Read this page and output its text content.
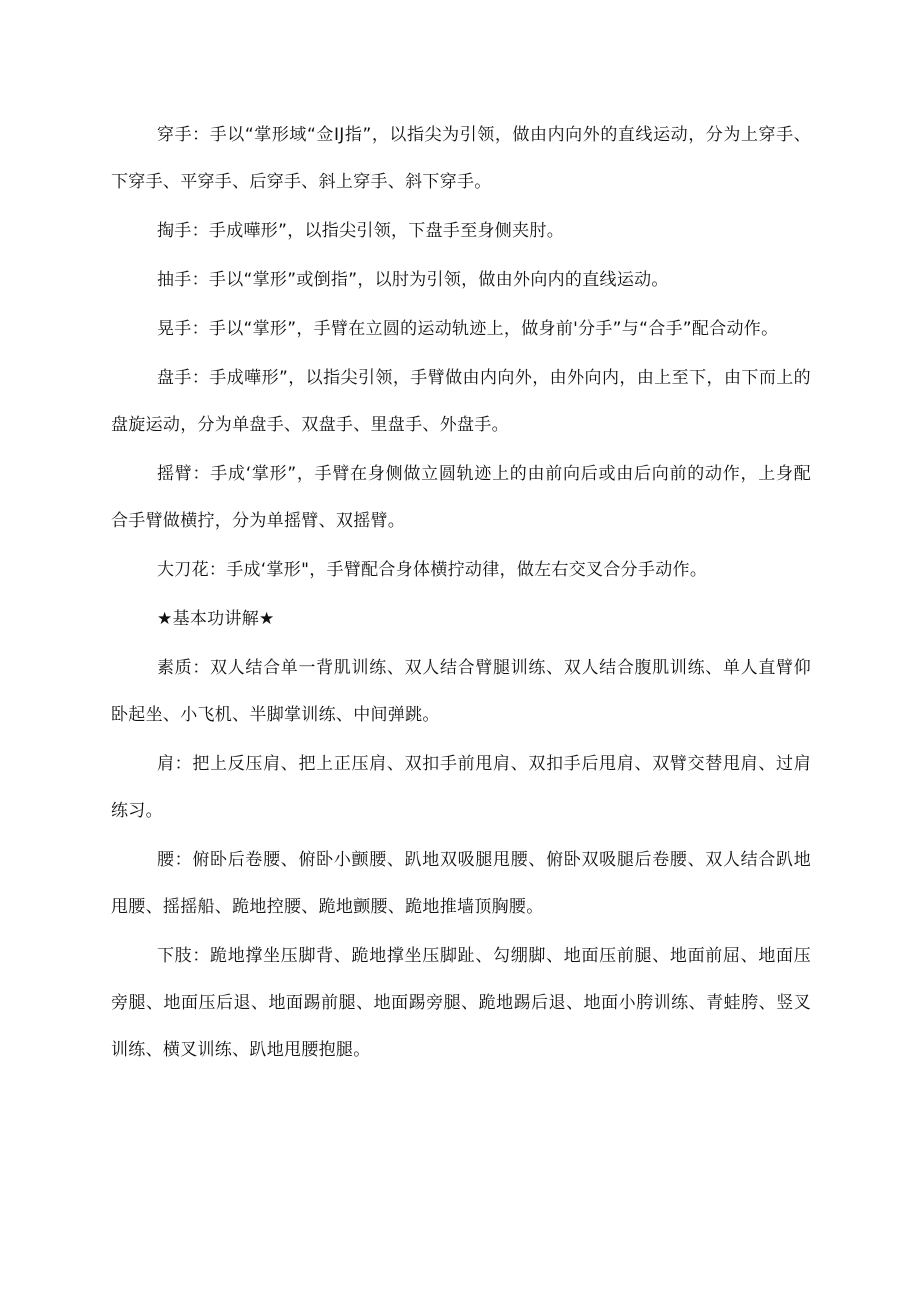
穿手：手以“掌形域“佥IJ指”，以指尖为引领，做由内向外的直线运动，分为上穿手、下穿手、平穿手、后穿手、斜上穿手、斜下穿手。

掏手：手成嘩形”，以指尖引领，下盘手至身侧夹肘。

抽手：手以“掌形”或倒指”，以肘为引领，做由外向内的直线运动。

晃手：手以“掌形”，手臂在立圆的运动轨迹上，做身前'分手”与“合手”配合动作。

盘手：手成嘩形”，以指尖引领，手臂做由内向外，由外向内，由上至下，由下而上的盘旋运动，分为单盘手、双盘手、里盘手、外盘手。

摇臂：手成‘掌形”，手臂在身侧做立圆轨迹上的由前向后或由后向前的动作，上身配合手臂做横拧，分为单摇臂、双摇臂。

大刀花：手成‘掌形"，手臂配合身体横拧动律，做左右交叉合分手动作。

★基本功讲解★

素质：双人结合单一背肌训练、双人结合臂腿训练、双人结合腹肌训练、单人直臂仰卧起坐、小飞机、半脚掌训练、中间弹跳。

肩：把上反压肩、把上正压肩、双扣手前甩肩、双扣手后甩肩、双臂交替甩肩、过肩练习。

腰：俯卧后卷腰、俯卧小颤腰、趴地双吸腿甩腰、俯卧双吸腿后卷腰、双人结合趴地甩腰、摇摇船、跪地控腰、跪地颤腰、跪地推墙顶胸腰。

下肢：跪地撑坐压脚背、跪地撑坐压脚趾、勾绷脚、地面压前腿、地面前屈、地面压旁腿、地面压后退、地面踢前腿、地面踢旁腿、跪地踢后退、地面小胯训练、青蛙胯、竖叉训练、横叉训练、趴地甩腰抱腿。
